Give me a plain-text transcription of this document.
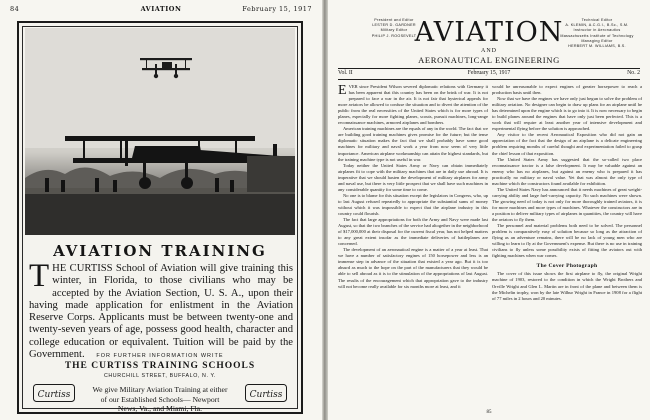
84	AVIATION	February 15, 1917
AVIATION TRAINING
THE CURTISS School of Aviation will give training this winter, in Florida, to those civilians who may be accepted by the Aviation Section, U. S. A., upon their having made application for enlistment in the Aviation Reserve Corps. Applicants must be between twenty-one and twenty-seven years of age, possess good health, character and college education or equivalent. Tuition will be paid by the Government.	FOR FURTHER INFORMATION WRITE
THE CURTISS TRAINING SCHOOLS
CHURCHILL STREET, BUFFALO, N. Y.
Curtiss
We give Military Aviation Training at either of our Established Schools— Newport News, Va., and Miami, Fla.
Curtiss
President and Editor
LESTER D. GARDNER
Military Editor
PHILIP J. ROOSEVELT
AVIATION
AND
AERONAUTICAL ENGINEERING
Technical Editor
A. KLEMIN, A.C.G.I., B.Sc., S.M.
Instructor in Aeronautics
Massachusetts Institute of Technology
Managing Editor
HERBERT M. WILLIAMS, B.S.
Vol. II	February 15, 1917	No. 2

EVER since President Wilson severed diplomatic relations with Germany it has been apparent that this country has been on the brink of war. It is not prepared to face a war in the air. It is not fair that hysterical appeals for more aviators be allowed to confuse the situation and to divert the attention of the public from the real necessities of the United States which is for more types of planes, especially for more fighting planes, scouts, pursuit machines, long-range reconnaissance machines, armored airplanes and bombers.

American training machines are the equals of any in the world. The fact that we are building good training machines gives promise for the future; but the tense diplomatic situation makes the fact that we shall probably have some good machines for military and naval work a year from now seem of very little importance. American airplane workmanship can attain the highest standards, but the training machine type is not useful in war.

Today neither the United States Army or Navy can obtain immediately airplanes fit to cope with the military machines that are in daily use abroad. It is imperative that we should hasten the development of military airplanes for army and naval use, but there is very little prospect that we shall have such machines in any considerable quantity for some time to come.

No one is to blame for this situation except the legislators in Congress, who, up to last August refused repeatedly to appropriate the substantial sums of money without which it was impossible to expect that the airplane industry in this country could flourish.

The fact that large appropriations for both the Army and Navy were made last August, so that the two branches of the service had altogether in the neighborhood of $17,000,000 at their disposal for the current fiscal year, has not helped matters to any great extent insofar as the immediate deliveries of battleplanes are concerned.

The development of an aeronautical engine is a matter of a year at least. That we have a number of satisfactory engines of 150 horsepower and less is an immense step in advance of the situation that existed a year ago. But it is too absurd as much to the hope on the part of the manufacturers that they would be able to sell abroad as it is to the stimulation of the appropriations of last August. The results of the encouragement which that appropriation gave to the industry will not become really available for six months more at least, and it

would be unreasonable to expect engines of greater horsepower to reach a production basis until then.

Now that we have the engines we have only just begun to solve the problem of military aviation. No designer can begin to draw up plans for an airplane until he has determined upon the engine which is to go into it. It is now necessary to begin to build planes around the engines that have only just been perfected. This is a work that will require at least another year of intensive development and experimental flying before the solution is approached.

Any visitor to the recent Aeronautical Exposition who did not gain an appreciation of the fact that the design of an airplane is a delicate engineering problem requiring months of careful thought and experimentation failed to grasp the chief lesson of that exposition.

The United States Army has suggested that the so-called two place reconnaissance tractor is a false development. It may be valuable against an enemy who has no airplanes, but against an enemy who is prepared it has practically no military or naval value. Yet that was almost the only type of machine which the constructors found available for exhibition.

The United States Navy has announced that it needs machines of great weight-carrying ability and large fuel-carrying capacity. No such machines were shown. The growing need of today is not only for more thoroughly trained aviators, it is for more machines and more types of machines. Whatever the constructors are in a position to deliver military types of airplanes in quantities, the country will have the aviators to fly them.

The personnel and material problems both need to be solved. The personnel problem is comparatively easy of solution because so long as the attraction of flying as an adventure remains, there will be no lack of young men who are willing to learn to fly at the Government's expense. But there is no use in training civilians to fly unless some possibility exists of fitting the aviators out with fighting machines when war comes.

The Cover Photograph

The cover of this issue shows the first airplane to fly, the original Wright machine of 1903, restored to the condition in which the Wright Brothers and Orville Wright and Glen L. Martin are in front of the plane and between them is the Michelin trophy, won by the late Wilbur Wright in France in 1908 for a flight of 77 miles in 2 hours and 20 minutes.

85
